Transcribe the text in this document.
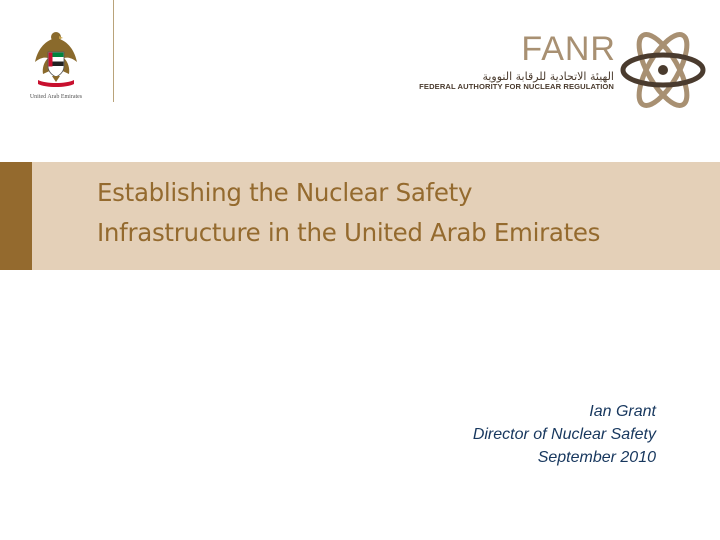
United Arab Emirates
FANR
الهيئة الاتحادية للرقابة النووية
FEDERAL AUTHORITY FOR NUCLEAR REGULATION
Establishing the Nuclear Safety
Infrastructure in the United Arab Emirates
Ian Grant
Director of Nuclear Safety
September 2010
